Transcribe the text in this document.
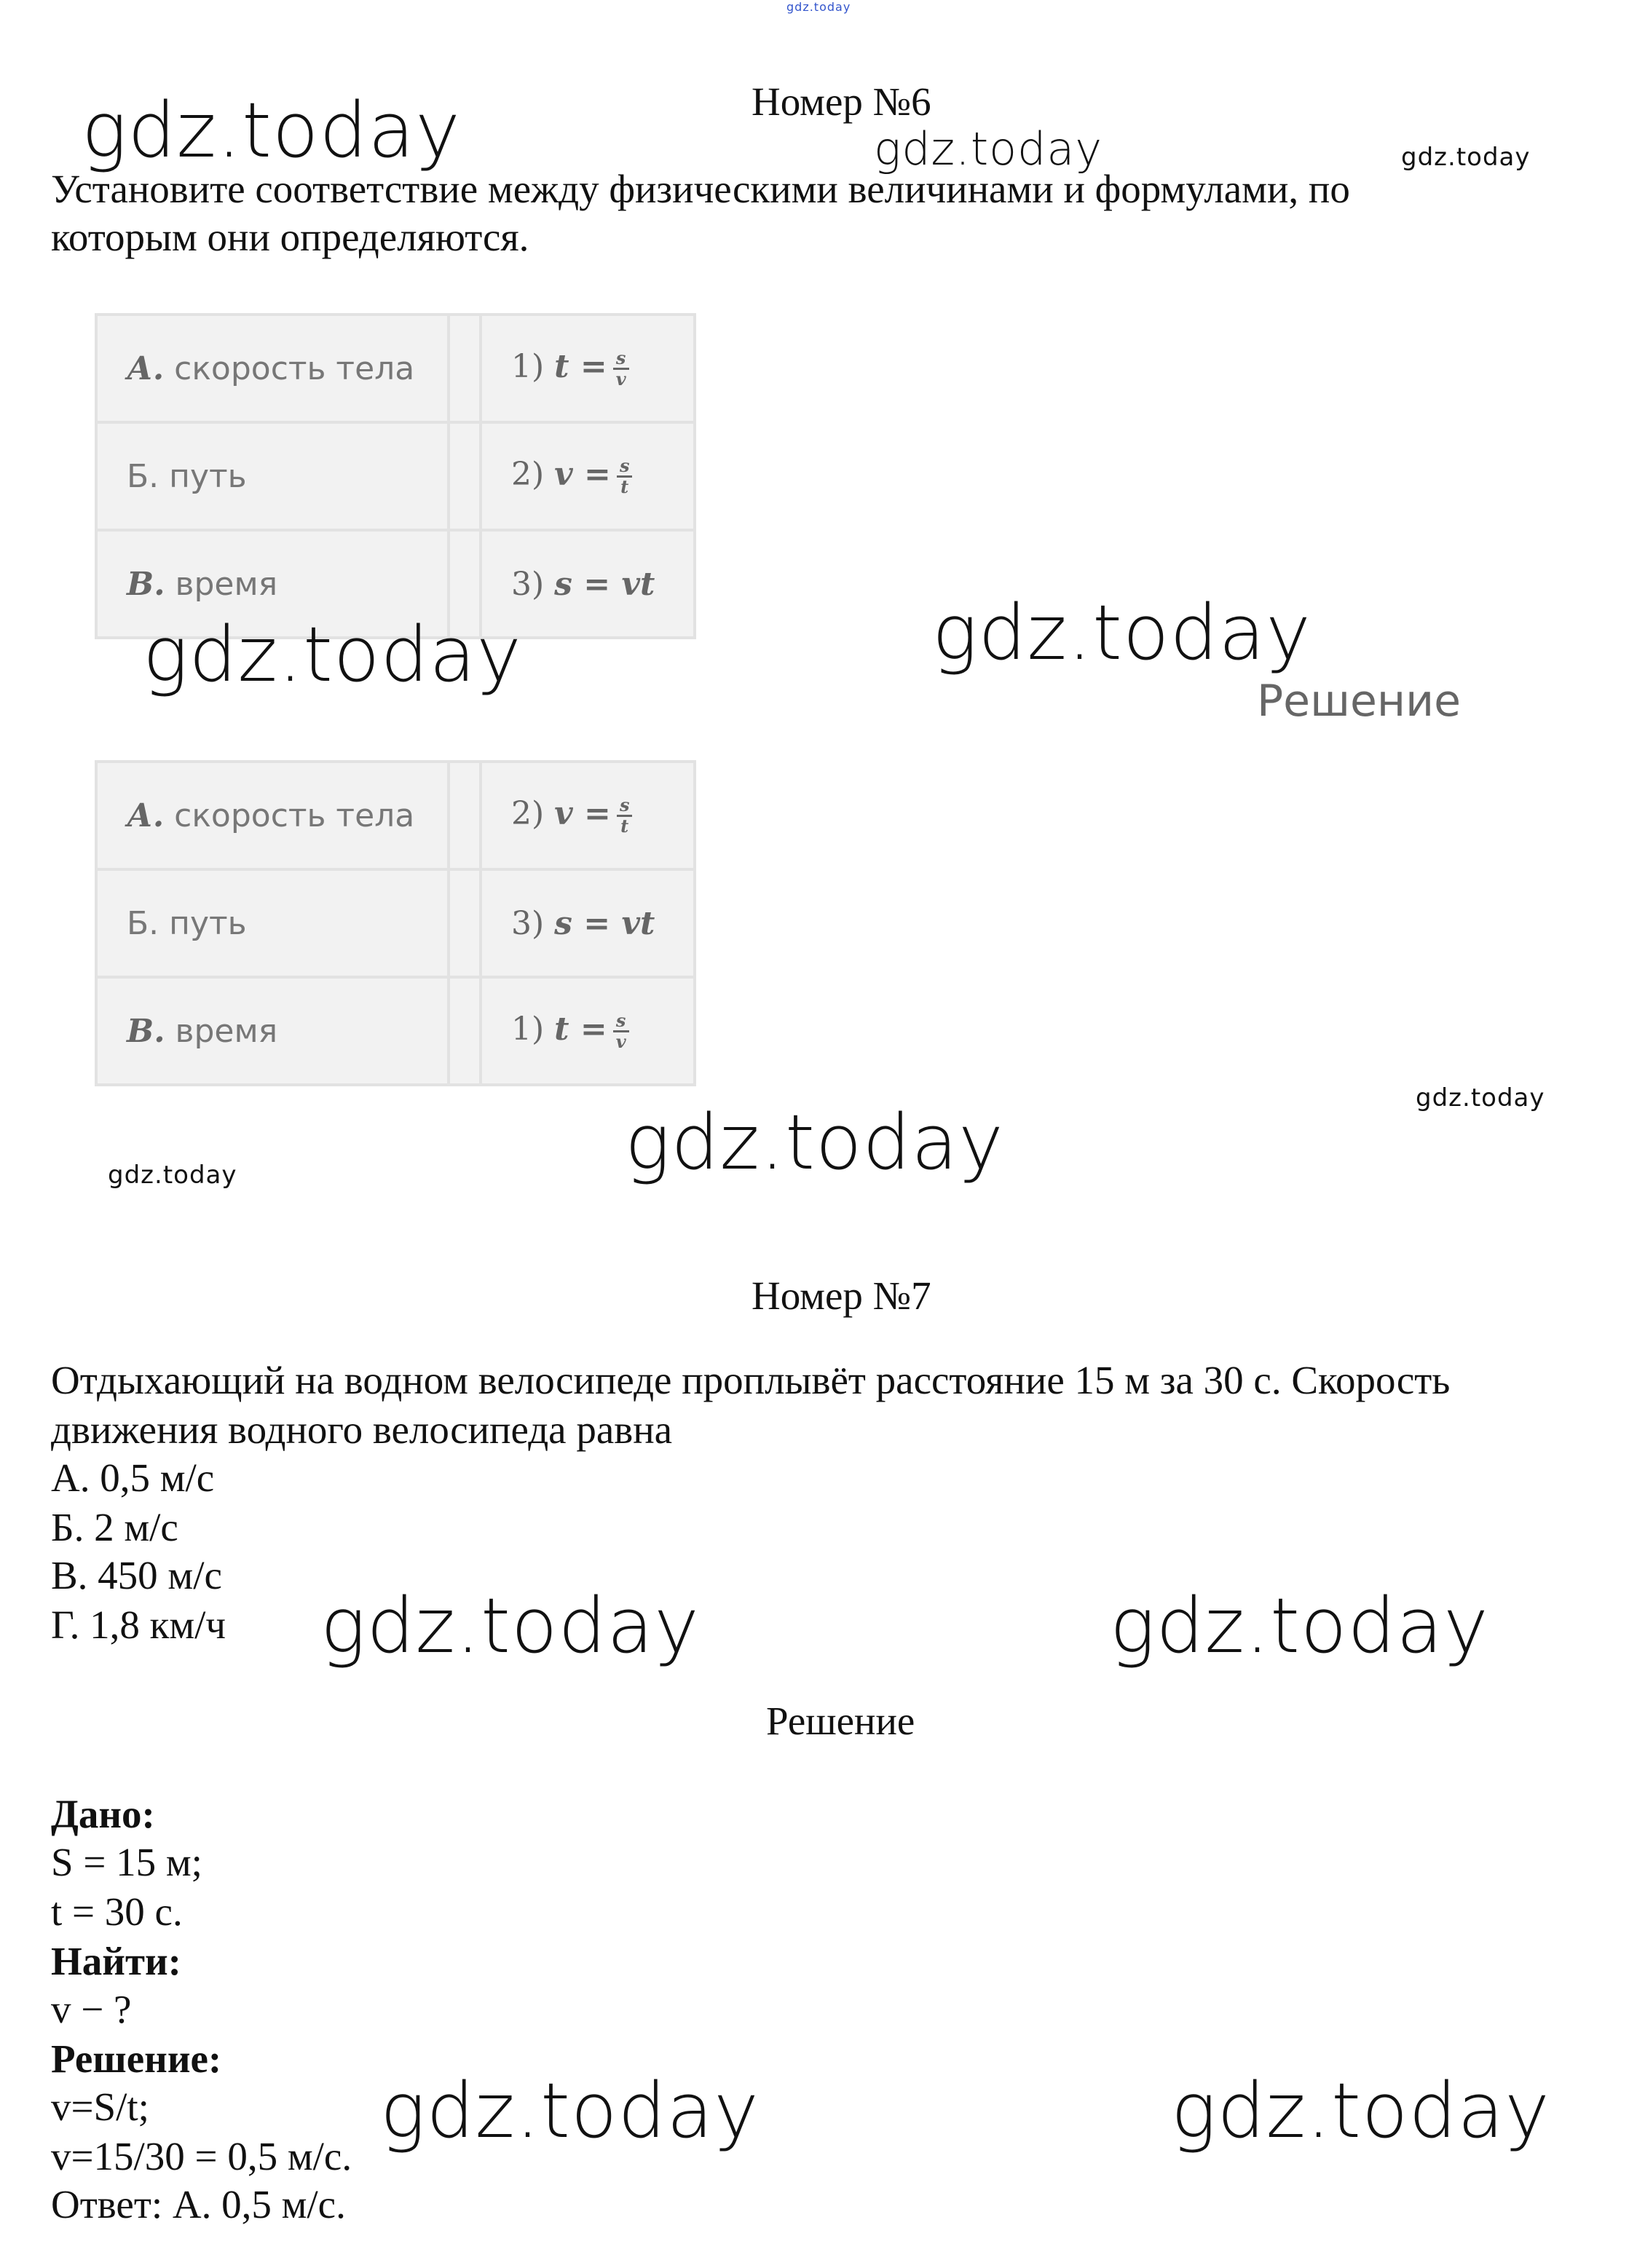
gdz.today
Номер №6
gdz.today	gdz.today	gdz.today
Установите соответствие между физическими величинами и формулами, по
которым они определяются.
А. скорость тела		1) $t = \frac{s}{v}$

Б. путь		2) $v = \frac{s}{t}$

В. время		3) s = vt
gdz.today	gdz.today
Решение
А. скорость тела		2) $v = \frac{s}{t}$

Б. путь		3) s = vt
В. время		1) $t = \frac{s}{v}$
gdz.today
gdz.today
gdz.today
Номер №7
Отдыхающий на водном велосипеде проплывёт расстояние 15 м за 30 с. Скорость
движения водного велосипеда равна
А. 0,5 м/с
Б. 2 м/с
В. 450 м/с
Г. 1,8 км/ч gdz.today	gdz.today
Решение
Дано:
S = 15 м;
t = 30 с.
Найти:
v − ?
Решение:
v=S/t;
v=15/30 = 0,5 м/с.
Ответ: А. 0,5 м/с.
gdz.today	gdz.today
